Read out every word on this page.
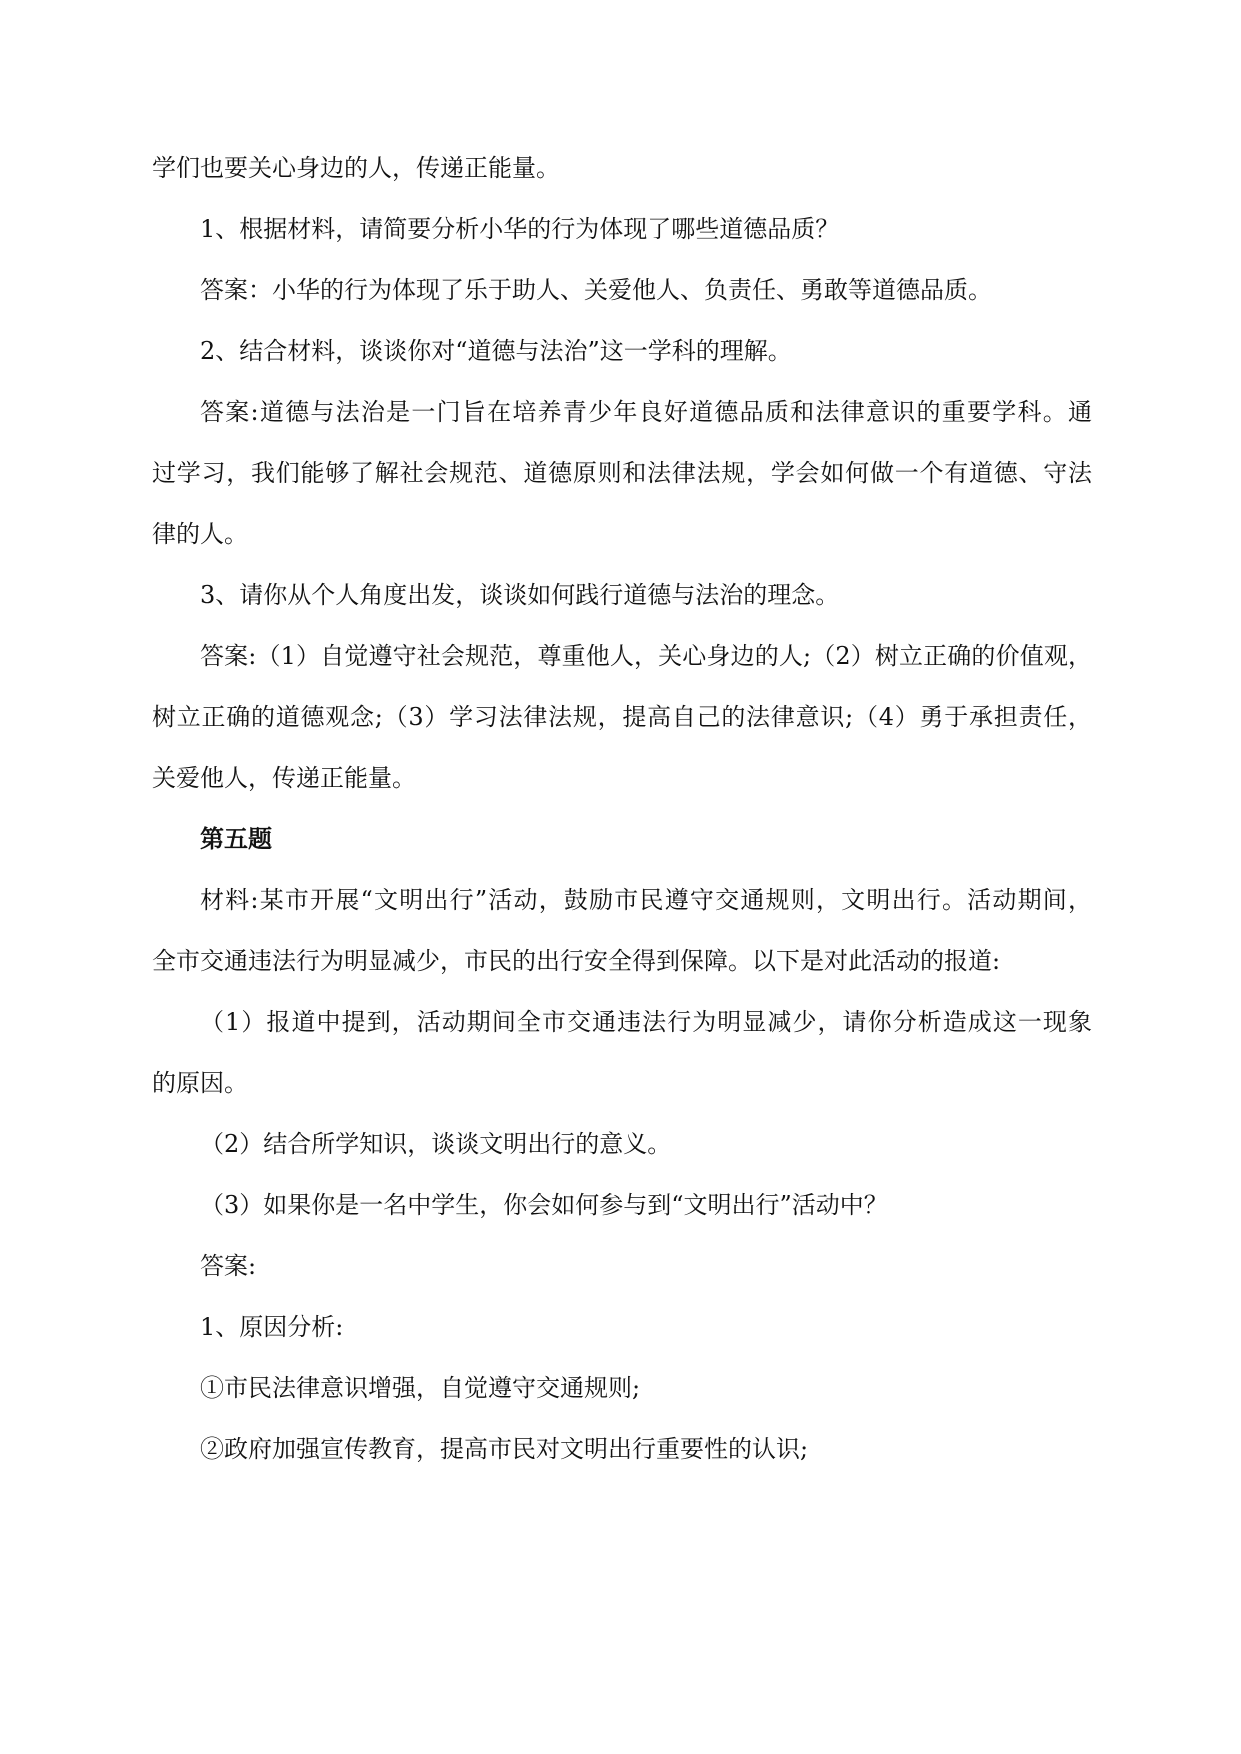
学们也要关心身边的人，传递正能量。
1、根据材料，请简要分析小华的行为体现了哪些道德品质？
答案：小华的行为体现了乐于助人、关爱他人、负责任、勇敢等道德品质。
2、结合材料，谈谈你对“道德与法治”这一学科的理解。
答案:道德与法治是一门旨在培养青少年良好道德品质和法律意识的重要学科。通
过学习，我们能够了解社会规范、道德原则和法律法规，学会如何做一个有道德、守法
律的人。
3、请你从个人角度出发，谈谈如何践行道德与法治的理念。
答案:（1）自觉遵守社会规范，尊重他人，关心身边的人;（2）树立正确的价值观，
树立正确的道德观念;（3）学习法律法规，提高自己的法律意识;（4）勇于承担责任，
关爱他人，传递正能量。
第五题
材料:某市开展“文明出行”活动，鼓励市民遵守交通规则，文明出行。活动期间，
全市交通违法行为明显减少，市民的出行安全得到保障。以下是对此活动的报道:
（1）报道中提到，活动期间全市交通违法行为明显减少，请你分析造成这一现象
的原因。
（2）结合所学知识，谈谈文明出行的意义。
（3）如果你是一名中学生，你会如何参与到“文明出行”活动中？
答案:
1、原因分析:
①市民法律意识增强，自觉遵守交通规则;
②政府加强宣传教育，提高市民对文明出行重要性的认识;
